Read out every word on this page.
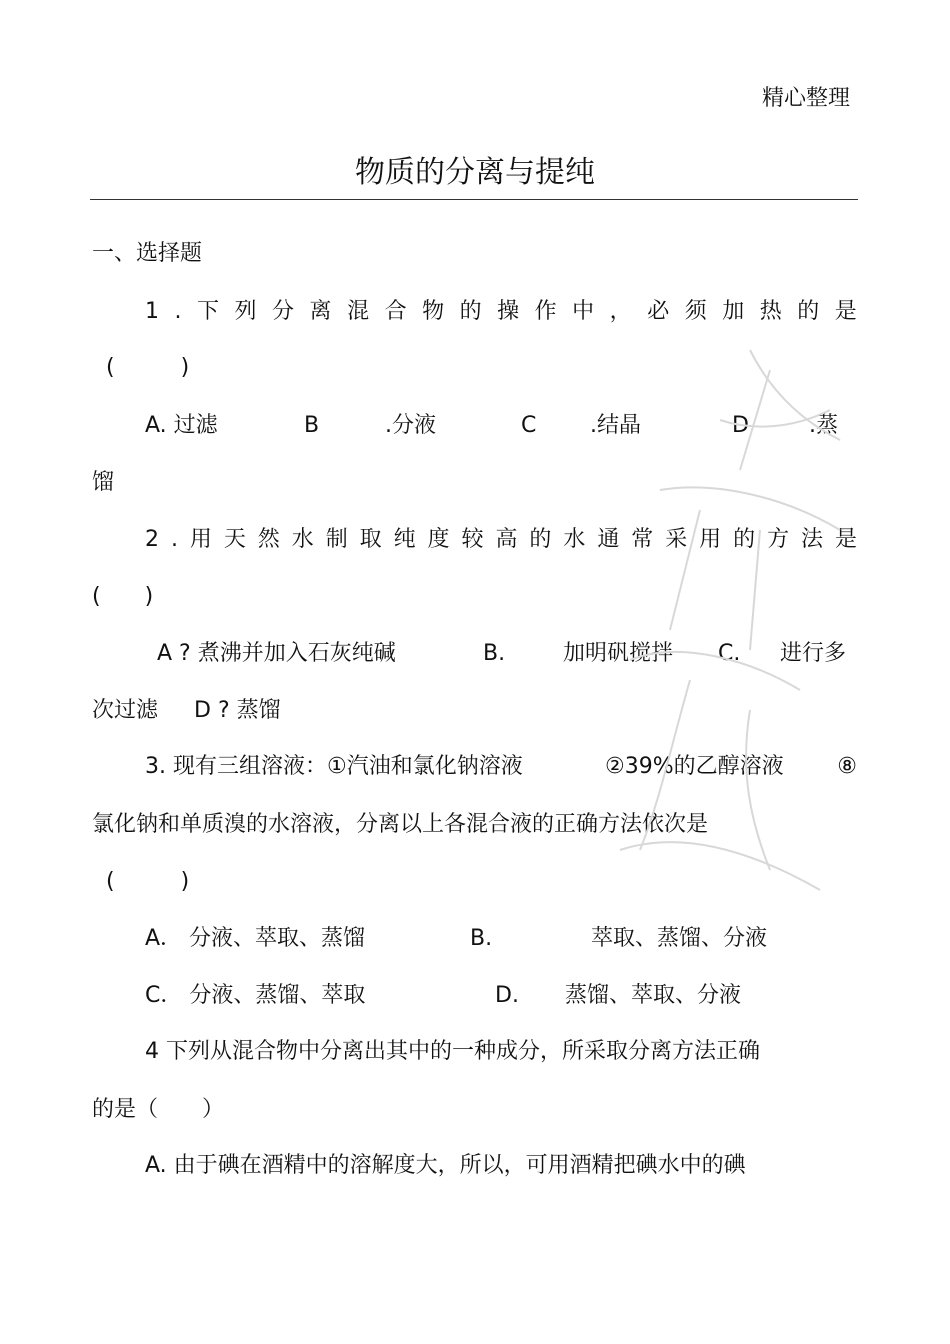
精心整理
物质的分离与提纯
一、选择题
1 . 下 列 分 离 混 合 物 的 操 作 中 ， 必 须 加 热 的 是
(　　　)
A. 过滤	B	.分液	C .结晶	D	.蒸
馏
2 . 用 天 然 水 制 取 纯 度 较 高 的 水 通 常 采 用 的 方 法 是
(　　)
A ? 煮沸并加入石灰纯碱	B.	加明矾搅拌 C. 进行多
次过滤 D ? 蒸馏
3. 现有三组溶液：①汽油和氯化钠溶液	②39%的乙醇溶液 ⑧
氯化钠和单质溴的水溶液，分离以上各混合液的正确方法依次是
(　　　)
A． 分液、萃取、蒸馏	B.	萃取、蒸馏、分液
C． 分液、蒸馏、萃取	D. 蒸馏、萃取、分液
4 下列从混合物中分离出其中的一种成分，所采取分离方法正确
的是（　　）
A. 由于碘在酒精中的溶解度大，所以，可用酒精把碘水中的碘
